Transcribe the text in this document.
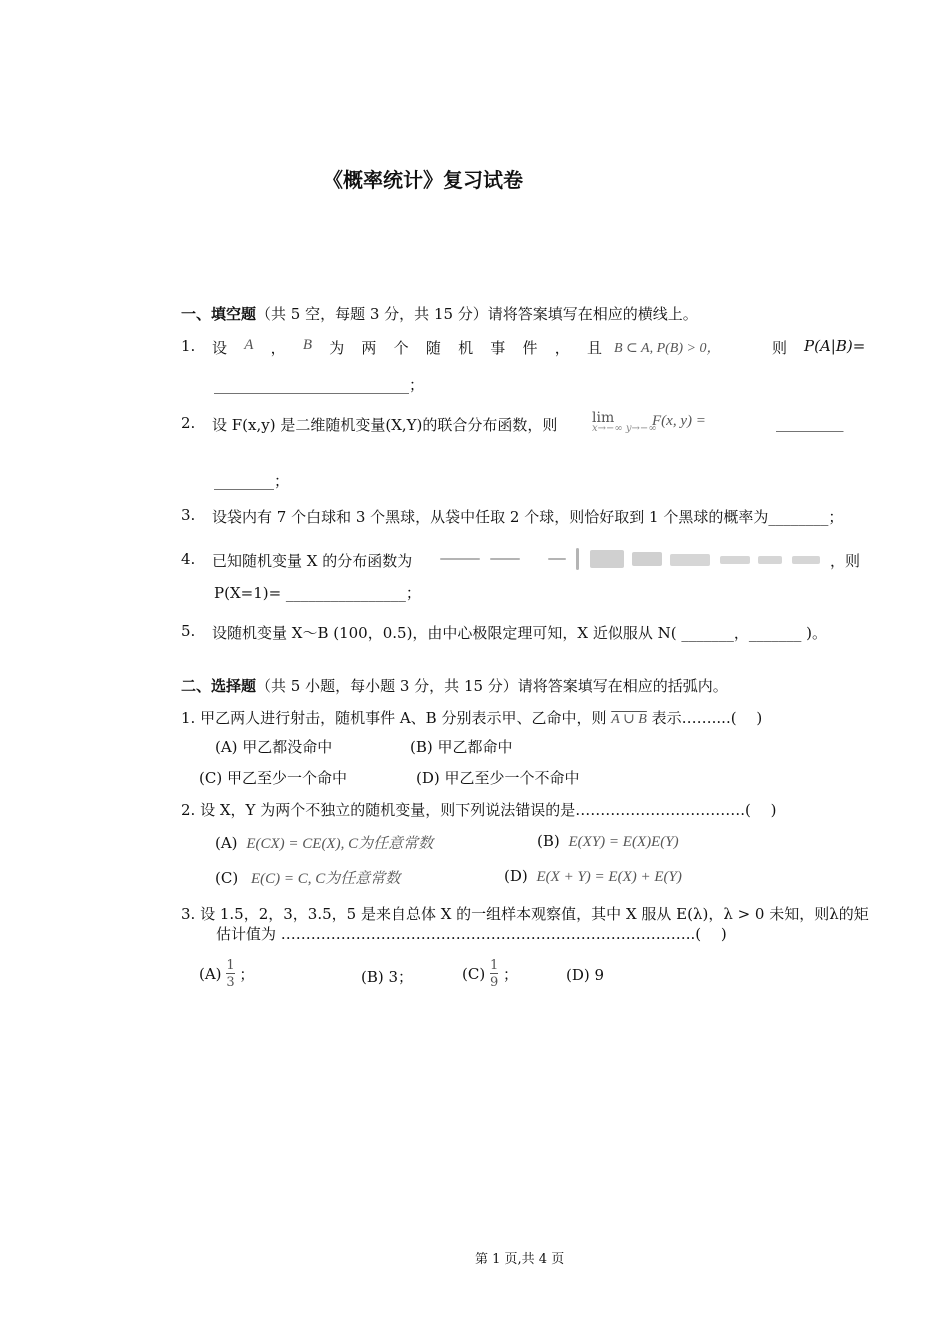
《概率统计》复习试卷
一、填空题（共 5 空，每题 3 分，共 15 分）请将答案填写在相应的横线上。
1. 设 A ， B 为 两 个 随 机 事 件 ， 且 B ⊂ A, P(B) > 0，	则 P(A|B)=
__________________________；
2. 设 F(x,y) 是二维随机变量(X,Y)的联合分布函数，则 lim
x→−∞ y→−∞
F(x, y) =	_________
________；
3. 设袋内有 7 个白球和 3 个黑球，从袋中任取 2 个球，则恰好取到 1 个黑球的概率为________；
4. 已知随机变量 X 的分布函数为	，则
P(X=1)= ________________；
5. 设随机变量 X～B (100，0.5)，由中心极限定理可知，X 近似服从 N( _______，_______ )。
二、选择题（共 5 小题，每小题 3 分，共 15 分）请将答案填写在相应的括弧内。
1. 甲乙两人进行射击，随机事件 A、B 分别表示甲、乙命中，则 A ∪ B 表示……....(　 )
(A) 甲乙都没命中	(B) 甲乙都命中
(C) 甲乙至少一个命中	(D) 甲乙至少一个不命中
2. 设 X，Y 为两个不独立的随机变量，则下列说法错误的是…………………………….(　 )
(A) E(CX) = CE(X), C为任意常数	(B) E(XY) = E(X)E(Y)
(C) E(C) = C, C为任意常数	(D) E(X + Y) = E(X) + E(Y)
3. 设 1.5，2，3，3.5，5 是来自总体 X 的一组样本观察值，其中 X 服从 E(λ)，λ > 0 未知，则λ的矩
估计值为 ………………………………………………………………………..(　 )
$(A) \frac{1}{3}$ ；	(B) 3；	$(C) \frac{1}{9}$ ；	(D) 9
第 1 页,共 4 页
